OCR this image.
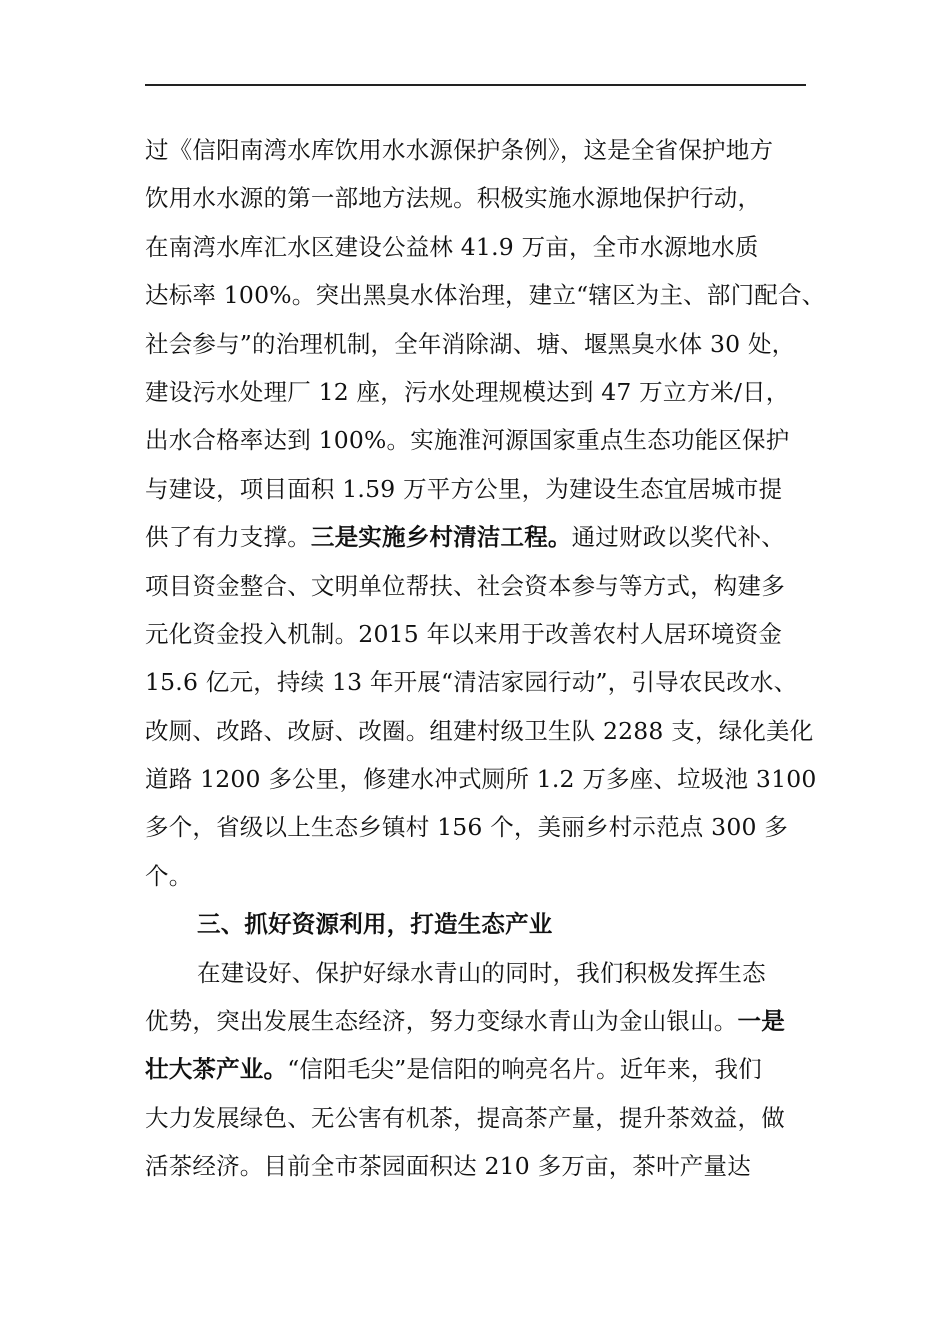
过《信阳南湾水库饮用水水源保护条例》，这是全省保护地方
饮用水水源的第一部地方法规。积极实施水源地保护行动，
在南湾水库汇水区建设公益林 41.9 万亩，全市水源地水质
达标率 100%。突出黑臭水体治理，建立“辖区为主、部门配合、
社会参与”的治理机制，全年消除湖、塘、堰黑臭水体 30 处，
建设污水处理厂 12 座，污水处理规模达到 47 万立方米/日，
出水合格率达到 100%。实施淮河源国家重点生态功能区保护
与建设，项目面积 1.59 万平方公里，为建设生态宜居城市提
供了有力支撑。三是实施乡村清洁工程。通过财政以奖代补、
项目资金整合、文明单位帮扶、社会资本参与等方式，构建多
元化资金投入机制。2015 年以来用于改善农村人居环境资金
15.6 亿元，持续 13 年开展“清洁家园行动”，引导农民改水、
改厕、改路、改厨、改圈。组建村级卫生队 2288 支，绿化美化
道路 1200 多公里，修建水冲式厕所 1.2 万多座、垃圾池 3100
多个，省级以上生态乡镇村 156 个，美丽乡村示范点 300 多
个。
三、抓好资源利用，打造生态产业
在建设好、保护好绿水青山的同时，我们积极发挥生态
优势，突出发展生态经济，努力变绿水青山为金山银山。一是
壮大茶产业。“信阳毛尖”是信阳的响亮名片。近年来，我们
大力发展绿色、无公害有机茶，提高茶产量，提升茶效益，做
活茶经济。目前全市茶园面积达 210 多万亩，茶叶产量达
